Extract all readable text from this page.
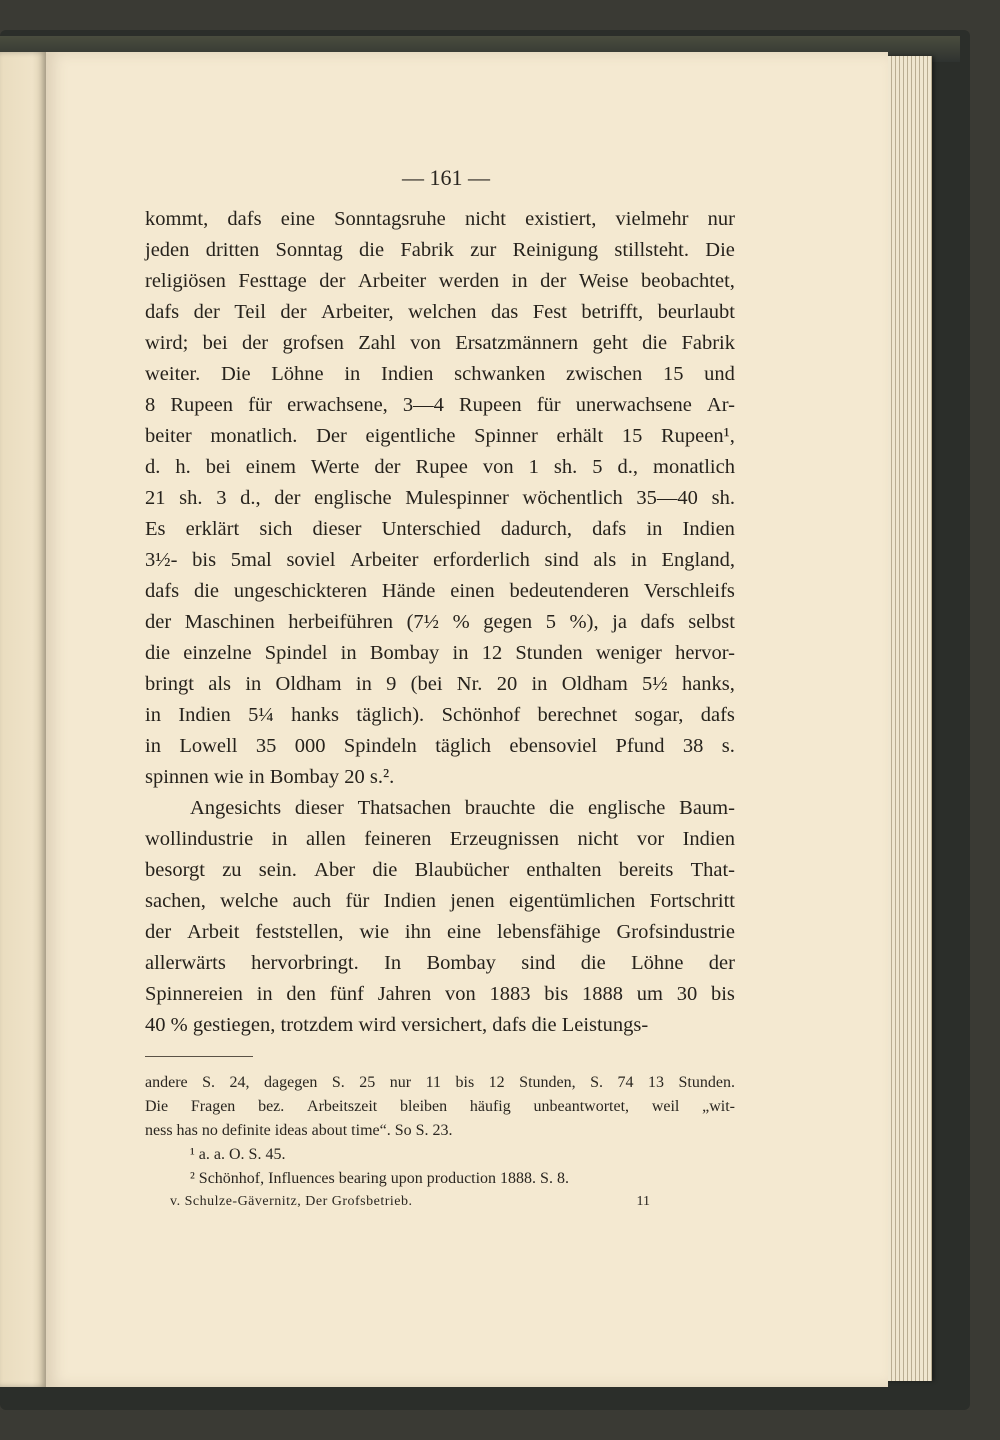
— 161 —
kommt, dafs eine Sonntagsruhe nicht existiert, vielmehr nur
jeden dritten Sonntag die Fabrik zur Reinigung stillsteht. Die
religiösen Festtage der Arbeiter werden in der Weise beobachtet,
dafs der Teil der Arbeiter, welchen das Fest betrifft, beurlaubt
wird; bei der grofsen Zahl von Ersatzmännern geht die Fabrik
weiter. Die Löhne in Indien schwanken zwischen 15 und
8 Rupeen für erwachsene, 3—4 Rupeen für unerwachsene Ar-
beiter monatlich. Der eigentliche Spinner erhält 15 Rupeen¹,
d. h. bei einem Werte der Rupee von 1 sh. 5 d., monatlich
21 sh. 3 d., der englische Mulespinner wöchentlich 35—40 sh.
Es erklärt sich dieser Unterschied dadurch, dafs in Indien
3½- bis 5mal soviel Arbeiter erforderlich sind als in England,
dafs die ungeschickteren Hände einen bedeutenderen Verschleifs
der Maschinen herbeiführen (7½ % gegen 5 %), ja dafs selbst
die einzelne Spindel in Bombay in 12 Stunden weniger hervor-
bringt als in Oldham in 9 (bei Nr. 20 in Oldham 5½ hanks,
in Indien 5¼ hanks täglich). Schönhof berechnet sogar, dafs
in Lowell 35 000 Spindeln täglich ebensoviel Pfund 38 s.
spinnen wie in Bombay 20 s.².
Angesichts dieser Thatsachen brauchte die englische Baum-
wollindustrie in allen feineren Erzeugnissen nicht vor Indien
besorgt zu sein. Aber die Blaubücher enthalten bereits That-
sachen, welche auch für Indien jenen eigentümlichen Fortschritt
der Arbeit feststellen, wie ihn eine lebensfähige Grofsindustrie
allerwärts hervorbringt. In Bombay sind die Löhne der
Spinnereien in den fünf Jahren von 1883 bis 1888 um 30 bis
40 % gestiegen, trotzdem wird versichert, dafs die Leistungs-
andere S. 24, dagegen S. 25 nur 11 bis 12 Stunden, S. 74 13 Stunden.
Die Fragen bez. Arbeitszeit bleiben häufig unbeantwortet, weil „wit-
ness has no definite ideas about time“. So S. 23.
¹ a. a. O. S. 45.
² Schönhof, Influences bearing upon production 1888. S. 8.
v. Schulze-Gävernitz, Der Grofsbetrieb.	11
